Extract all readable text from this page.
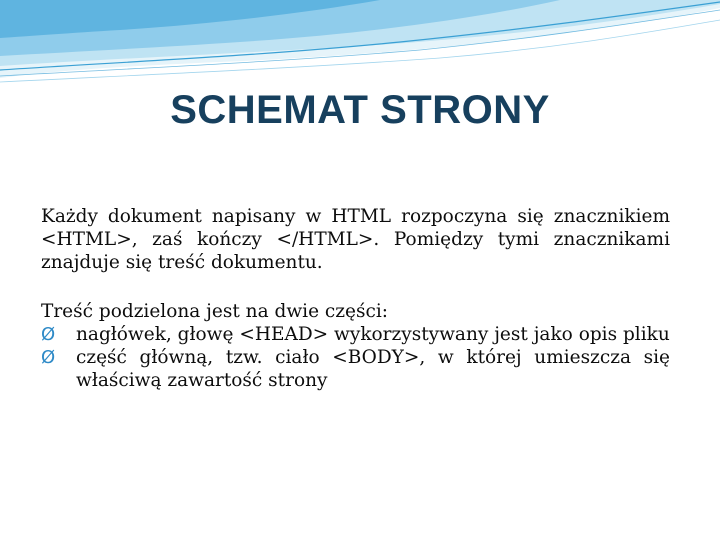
SCHEMAT STRONY

Każdy dokument napisany w HTML rozpoczyna się znacznikiem <HTML>, zaś kończy </HTML>. Pomiędzy tymi znacznikami znajduje się treść dokumentu.

Treść podzielona jest na dwie części:

Ø nagłówek, głowę <HEAD> wykorzystywany jest jako opis pliku
Ø część główną, tzw. ciało <BODY>, w której umieszcza się właściwą zawartość strony
